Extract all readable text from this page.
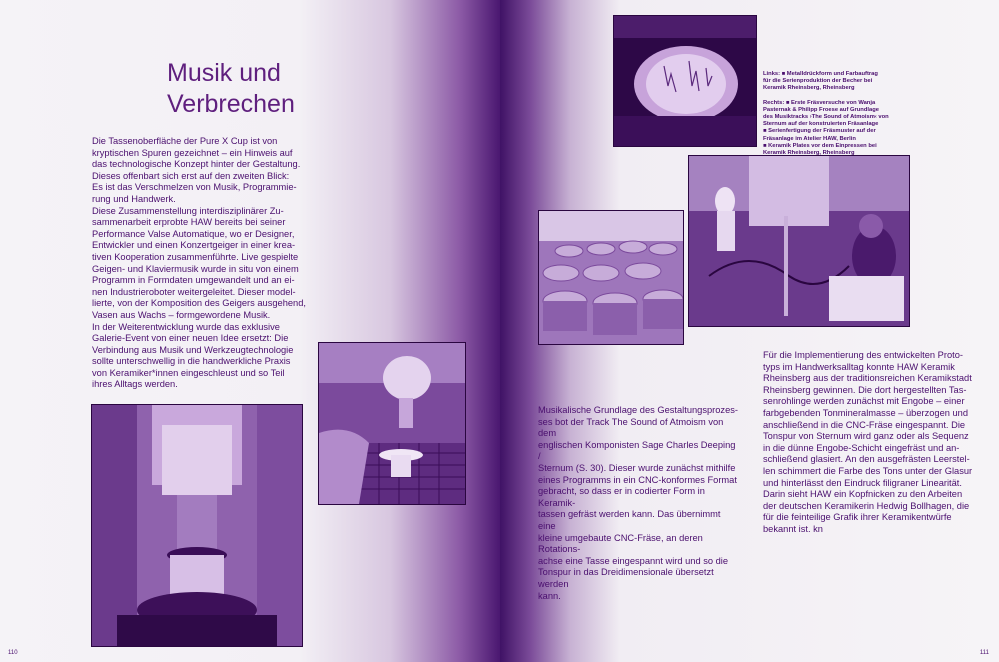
Musik und
Verbrechen

Die Tassenoberfläche der Pure X Cup ist von
kryptischen Spuren gezeichnet – ein Hinweis auf
das technologische Konzept hinter der Gestaltung.
Dieses offenbart sich erst auf den zweiten Blick:
Es ist das Verschmelzen von Musik, Programmie-
rung und Handwerk.
Diese Zusammenstellung interdisziplinärer Zu-
sammenarbeit erprobte HAW bereits bei seiner
Performance Valse Automatique, wo er Designer,
Entwickler und einen Konzertgeiger in einer krea-
tiven Kooperation zusammenführte. Live gespielte
Geigen- und Klaviermusik wurde in situ von einem
Programm in Formdaten umgewandelt und an ei-
nen Industrieroboter weitergeleitet. Dieser model-
lierte, von der Komposition des Geigers ausgehend,
Vasen aus Wachs – formgewordene Musik.
In der Weiterentwicklung wurde das exklusive
Galerie-Event von einer neuen Idee ersetzt: Die
Verbindung aus Musik und Werkzeugtechnologie
sollte unterschwellig in die handwerkliche Praxis
von Keramiker*innen eingeschleust und so Teil
ihres Alltags werden.

Links: ■ Metalldrückform und Farbauftrag
für die Serienproduktion der Becher bei
Keramik Rheinsberg, Rheinsberg

Rechts: ■ Erste Fräsversuche von Wanja
Pasternak & Philipp Froese auf Grundlage
des Musiktracks ›The Sound of Atmoism‹ von
Sternum auf der konstruierten Fräsanlage
■ Serienfertigung der Fräsmuster auf der
Fräsanlage im Atelier HAW, Berlin
■ Keramik Plates vor dem Einpressen bei
Keramik Rheinsberg, Rheinsberg

Musikalische Grundlage des Gestaltungsprozes-
ses bot der Track The Sound of Atmoism von dem
englischen Komponisten Sage Charles Deeping /
Sternum (S. 30). Dieser wurde zunächst mithilfe
eines Programms in ein CNC-konformes Format
gebracht, so dass er in codierter Form in Keramik-
tassen gefräst werden kann. Das übernimmt eine
kleine umgebaute CNC-Fräse, an deren Rotations-
achse eine Tasse eingespannt wird und so die
Tonspur in das Dreidimensionale übersetzt werden
kann.

Für die Implementierung des entwickelten Proto-
typs im Handwerksalltag konnte HAW Keramik
Rheinsberg aus der traditionsreichen Keramikstadt
Rheinsberg gewinnen. Die dort hergestellten Tas-
senrohlinge werden zunächst mit Engobe – einer
farbgebenden Tonmineralmasse – überzogen und
anschließend in die CNC-Fräse eingespannt. Die
Tonspur von Sternum wird ganz oder als Sequenz
in die dünne Engobe-Schicht eingefräst und an-
schließend glasiert. An den ausgefrästen Leerstel-
len schimmert die Farbe des Tons unter der Glasur
und hinterlässt den Eindruck filigraner Linearität.
Darin sieht HAW ein Kopfnicken zu den Arbeiten
der deutschen Keramikerin Hedwig Bollhagen, die
für die feinteilige Grafik ihrer Keramikentwürfe
bekannt ist. kn

110	111
